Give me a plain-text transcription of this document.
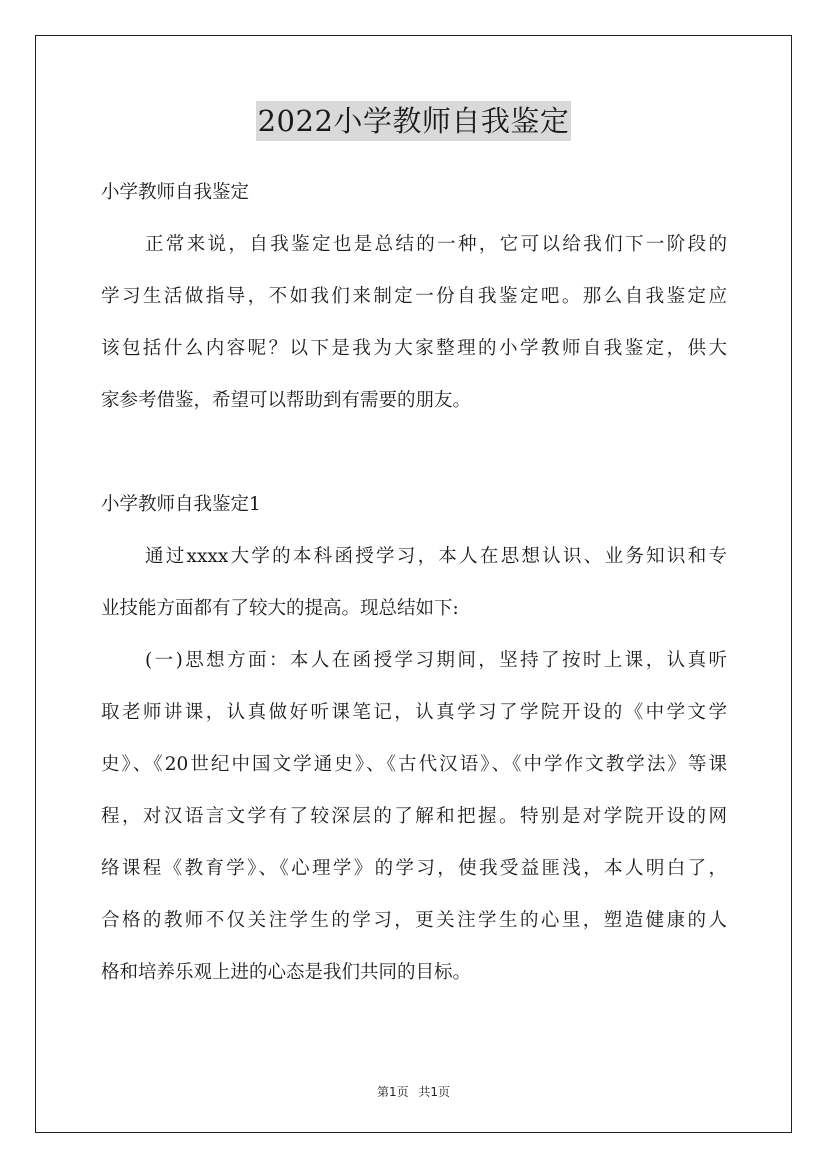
2022小学教师自我鉴定
小学教师自我鉴定
正常来说，自我鉴定也是总结的一种，它可以给我们下一阶段的
学习生活做指导，不如我们来制定一份自我鉴定吧。那么自我鉴定应
该包括什么内容呢？以下是我为大家整理的小学教师自我鉴定，供大
家参考借鉴，希望可以帮助到有需要的朋友。
小学教师自我鉴定1
通过xxxx大学的本科函授学习，本人在思想认识、业务知识和专
业技能方面都有了较大的提高。现总结如下:
(一)思想方面：本人在函授学习期间，坚持了按时上课，认真听
取老师讲课，认真做好听课笔记，认真学习了学院开设的《中学文学
史》、《20世纪中国文学通史》、《古代汉语》、《中学作文教学法》等课
程，对汉语言文学有了较深层的了解和把握。特别是对学院开设的网
络课程《教育学》、《心理学》的学习，使我受益匪浅，本人明白了，
合格的教师不仅关注学生的学习，更关注学生的心里，塑造健康的人
格和培养乐观上进的心态是我们共同的目标。
第1页 共1页
